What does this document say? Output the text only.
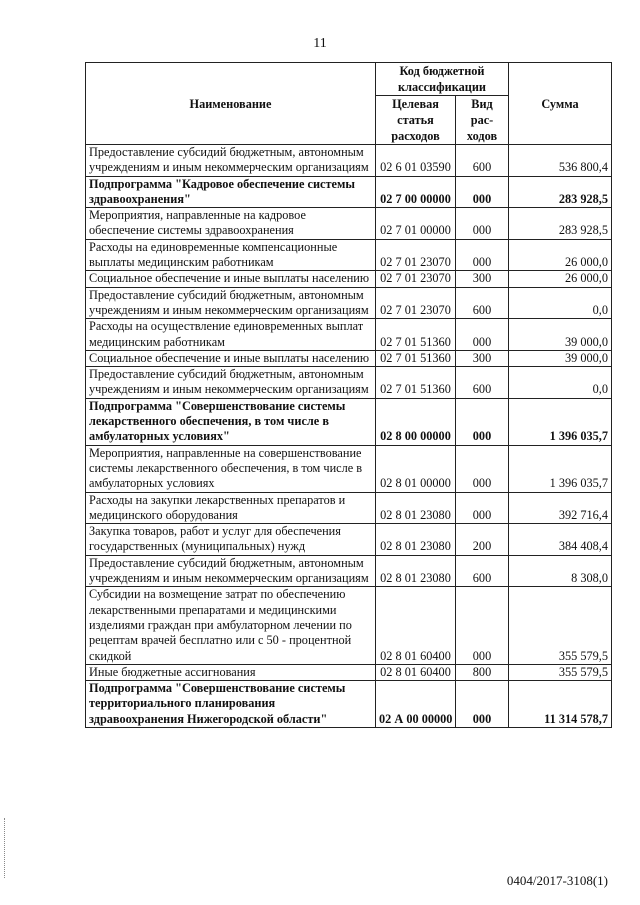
11
Наименование	Код бюджетной классификации		Сумма
	Целевая статья расходов	Вид рас-ходов	
Предоставление субсидий бюджетным, автономным учреждениям и иным некоммерческим организациям	02 6 01 03590	600	536 800,4
Подпрограмма "Кадровое обеспечение системы здравоохранения"	02 7 00 00000	000	283 928,5
Мероприятия, направленные на кадровое обеспечение системы здравоохранения	02 7 01 00000	000	283 928,5
Расходы на единовременные компенсационные выплаты медицинским работникам	02 7 01 23070	000	26 000,0
Социальное обеспечение и иные выплаты населению	02 7 01 23070	300	26 000,0
Предоставление субсидий бюджетным, автономным учреждениям и иным некоммерческим организациям	02 7 01 23070	600	0,0
Расходы на осуществление единовременных выплат медицинским работникам	02 7 01 51360	000	39 000,0
Социальное обеспечение и иные выплаты населению	02 7 01 51360	300	39 000,0
Предоставление субсидий бюджетным, автономным учреждениям и иным некоммерческим организациям	02 7 01 51360	600	0,0
Подпрограмма "Совершенствование системы лекарственного обеспечения, в том числе в амбулаторных условиях"	02 8 00 00000	000	1 396 035,7
Мероприятия, направленные на совершенствование системы лекарственного обеспечения, в том числе в амбулаторных условиях	02 8 01 00000	000	1 396 035,7
Расходы на закупки лекарственных препаратов и медицинского оборудования	02 8 01 23080	000	392 716,4
Закупка товаров, работ и услуг для обеспечения государственных (муниципальных) нужд	02 8 01 23080	200	384 408,4
Предоставление субсидий бюджетным, автономным учреждениям и иным некоммерческим организациям	02 8 01 23080	600	8 308,0
Субсидии на возмещение затрат по обеспечению лекарственными препаратами и медицинскими изделиями граждан при амбулаторном лечении по рецептам врачей бесплатно или с 50 - процентной скидкой	02 8 01 60400	000	355 579,5
Иные бюджетные ассигнования	02 8 01 60400	800	355 579,5
Подпрограмма "Совершенствование системы территориального планирования здравоохранения Нижегородской области"	02 А 00 00000	000	11 314 578,7
0404/2017-3108(1)
